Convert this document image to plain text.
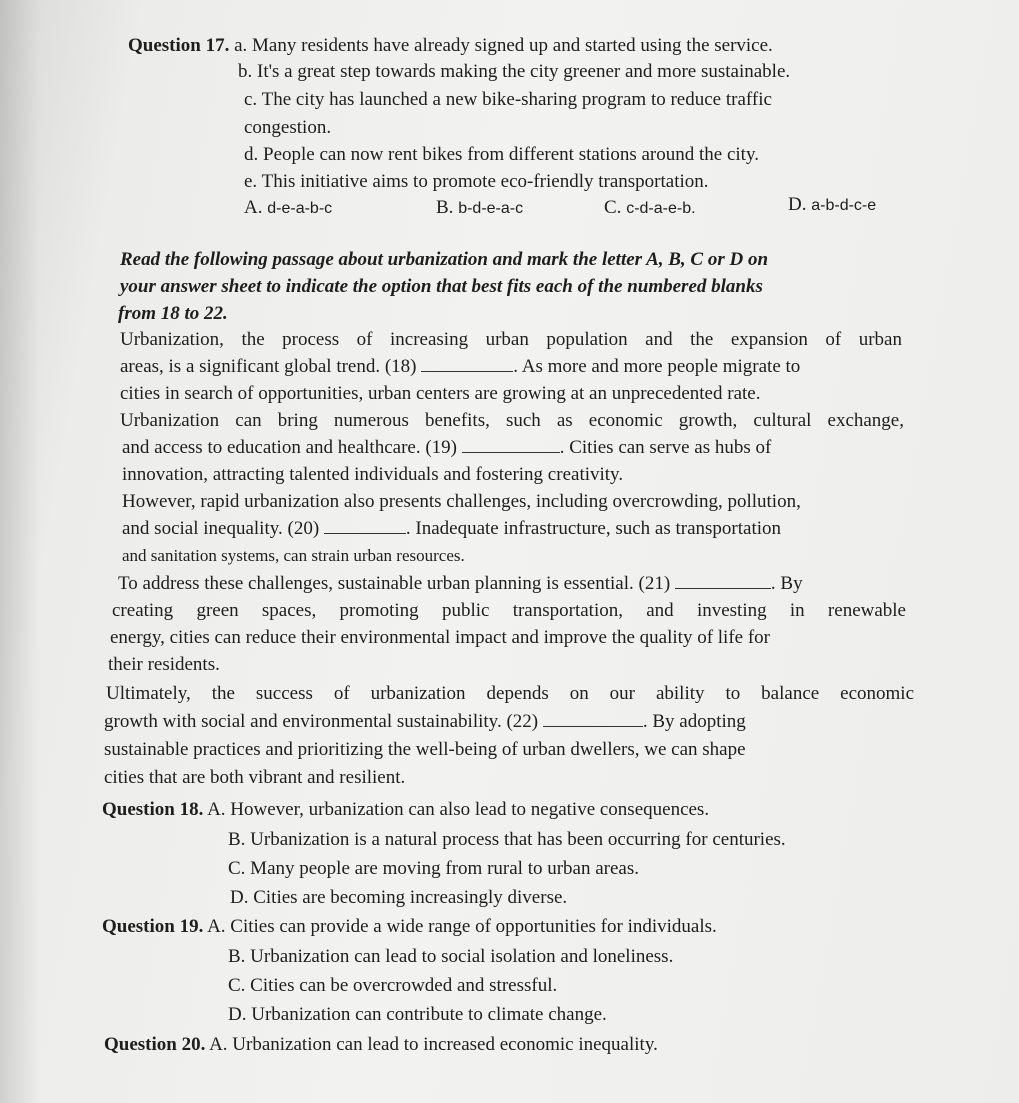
Question 17. a. Many residents have already signed up and started using the service.
b. It's a great step towards making the city greener and more sustainable.
c. The city has launched a new bike-sharing program to reduce traffic
congestion.
d. People can now rent bikes from different stations around the city.
e. This initiative aims to promote eco-friendly transportation.
A. d-e-a-b-c	B. b-d-e-a-c	C. c-d-a-e-b.	D. a-b-d-c-e
Read the following passage about urbanization and mark the letter A, B, C or D on
your answer sheet to indicate the option that best fits each of the numbered blanks
from 18 to 22.
Urbanization, the process of increasing urban population and the expansion of urban
areas, is a significant global trend. (18)	. As more and more people migrate to
cities in search of opportunities, urban centers are growing at an unprecedented rate.
Urbanization can bring numerous benefits, such as economic growth, cultural exchange,
and access to education and healthcare. (19)	. Cities can serve as hubs of
innovation, attracting talented individuals and fostering creativity.
However, rapid urbanization also presents challenges, including overcrowding, pollution,
and social inequality. (20)	. Inadequate infrastructure, such as transportation
and sanitation systems, can strain urban resources.
To address these challenges, sustainable urban planning is essential. (21)	. By
creating green spaces, promoting public transportation, and investing in renewable
energy, cities can reduce their environmental impact and improve the quality of life for
their residents.
Ultimately, the success of urbanization depends on our ability to balance economic
growth with social and environmental sustainability. (22)	. By adopting
sustainable practices and prioritizing the well-being of urban dwellers, we can shape
cities that are both vibrant and resilient.
Question 18. A. However, urbanization can also lead to negative consequences.
B. Urbanization is a natural process that has been occurring for centuries.
C. Many people are moving from rural to urban areas.
D. Cities are becoming increasingly diverse.
Question 19. A. Cities can provide a wide range of opportunities for individuals.
B. Urbanization can lead to social isolation and loneliness.
C. Cities can be overcrowded and stressful.
D. Urbanization can contribute to climate change.
Question 20. A. Urbanization can lead to increased economic inequality.
